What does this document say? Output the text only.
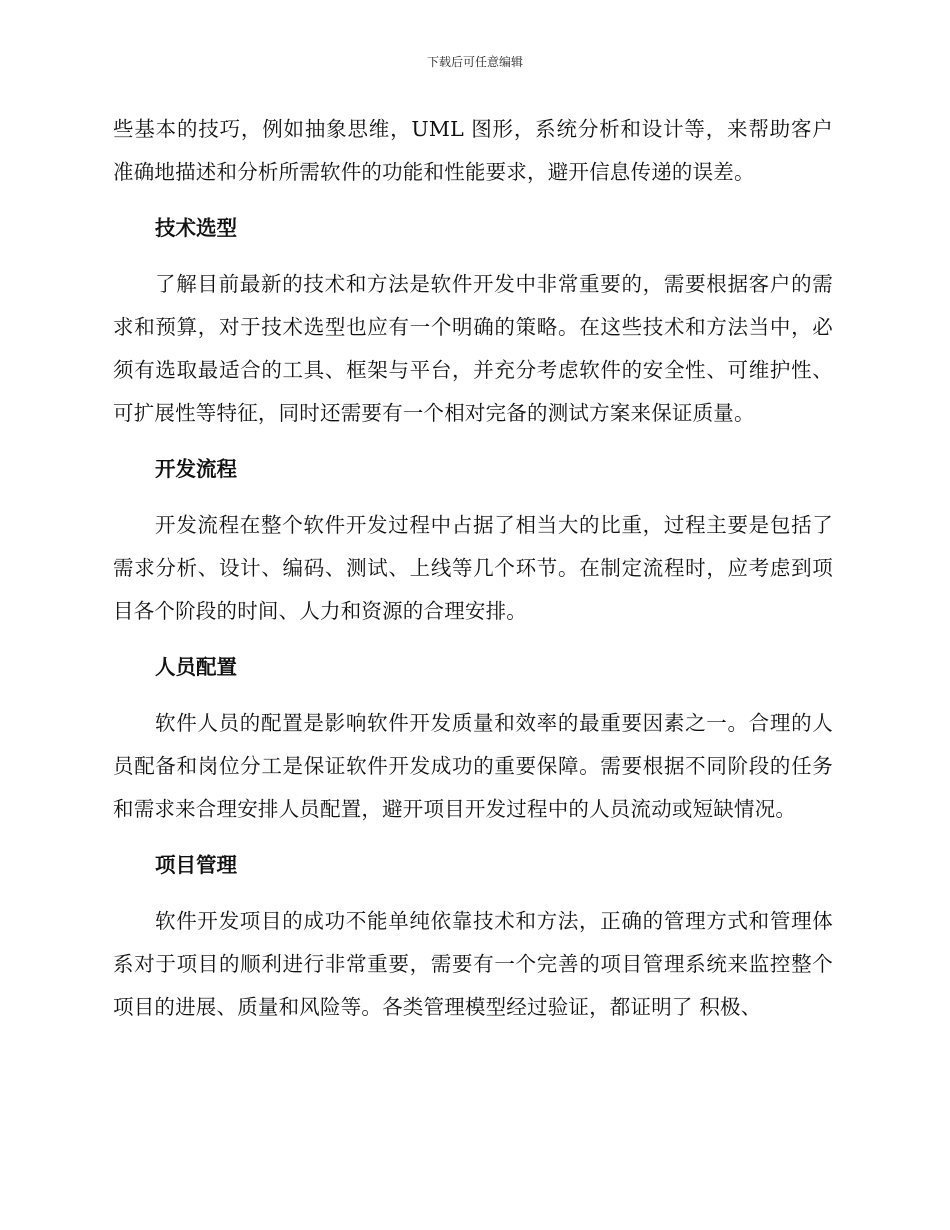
下载后可任意编辑

些基本的技巧，例如抽象思维，UML 图形，系统分析和设计等，来帮助客户准确地描述和分析所需软件的功能和性能要求，避开信息传递的误差。

技术选型

了解目前最新的技术和方法是软件开发中非常重要的，需要根据客户的需求和预算，对于技术选型也应有一个明确的策略。在这些技术和方法当中，必须有选取最适合的工具、框架与平台，并充分考虑软件的安全性、可维护性、可扩展性等特征，同时还需要有一个相对完备的测试方案来保证质量。

开发流程

开发流程在整个软件开发过程中占据了相当大的比重，过程主要是包括了需求分析、设计、编码、测试、上线等几个环节。在制定流程时，应考虑到项目各个阶段的时间、人力和资源的合理安排。

人员配置

软件人员的配置是影响软件开发质量和效率的最重要因素之一。合理的人员配备和岗位分工是保证软件开发成功的重要保障。需要根据不同阶段的任务和需求来合理安排人员配置，避开项目开发过程中的人员流动或短缺情况。

项目管理

软件开发项目的成功不能单纯依靠技术和方法，正确的管理方式和管理体系对于项目的顺利进行非常重要，需要有一个完善的项目管理系统来监控整个项目的进展、质量和风险等。各类管理模型经过验证，都证明了 积极、
